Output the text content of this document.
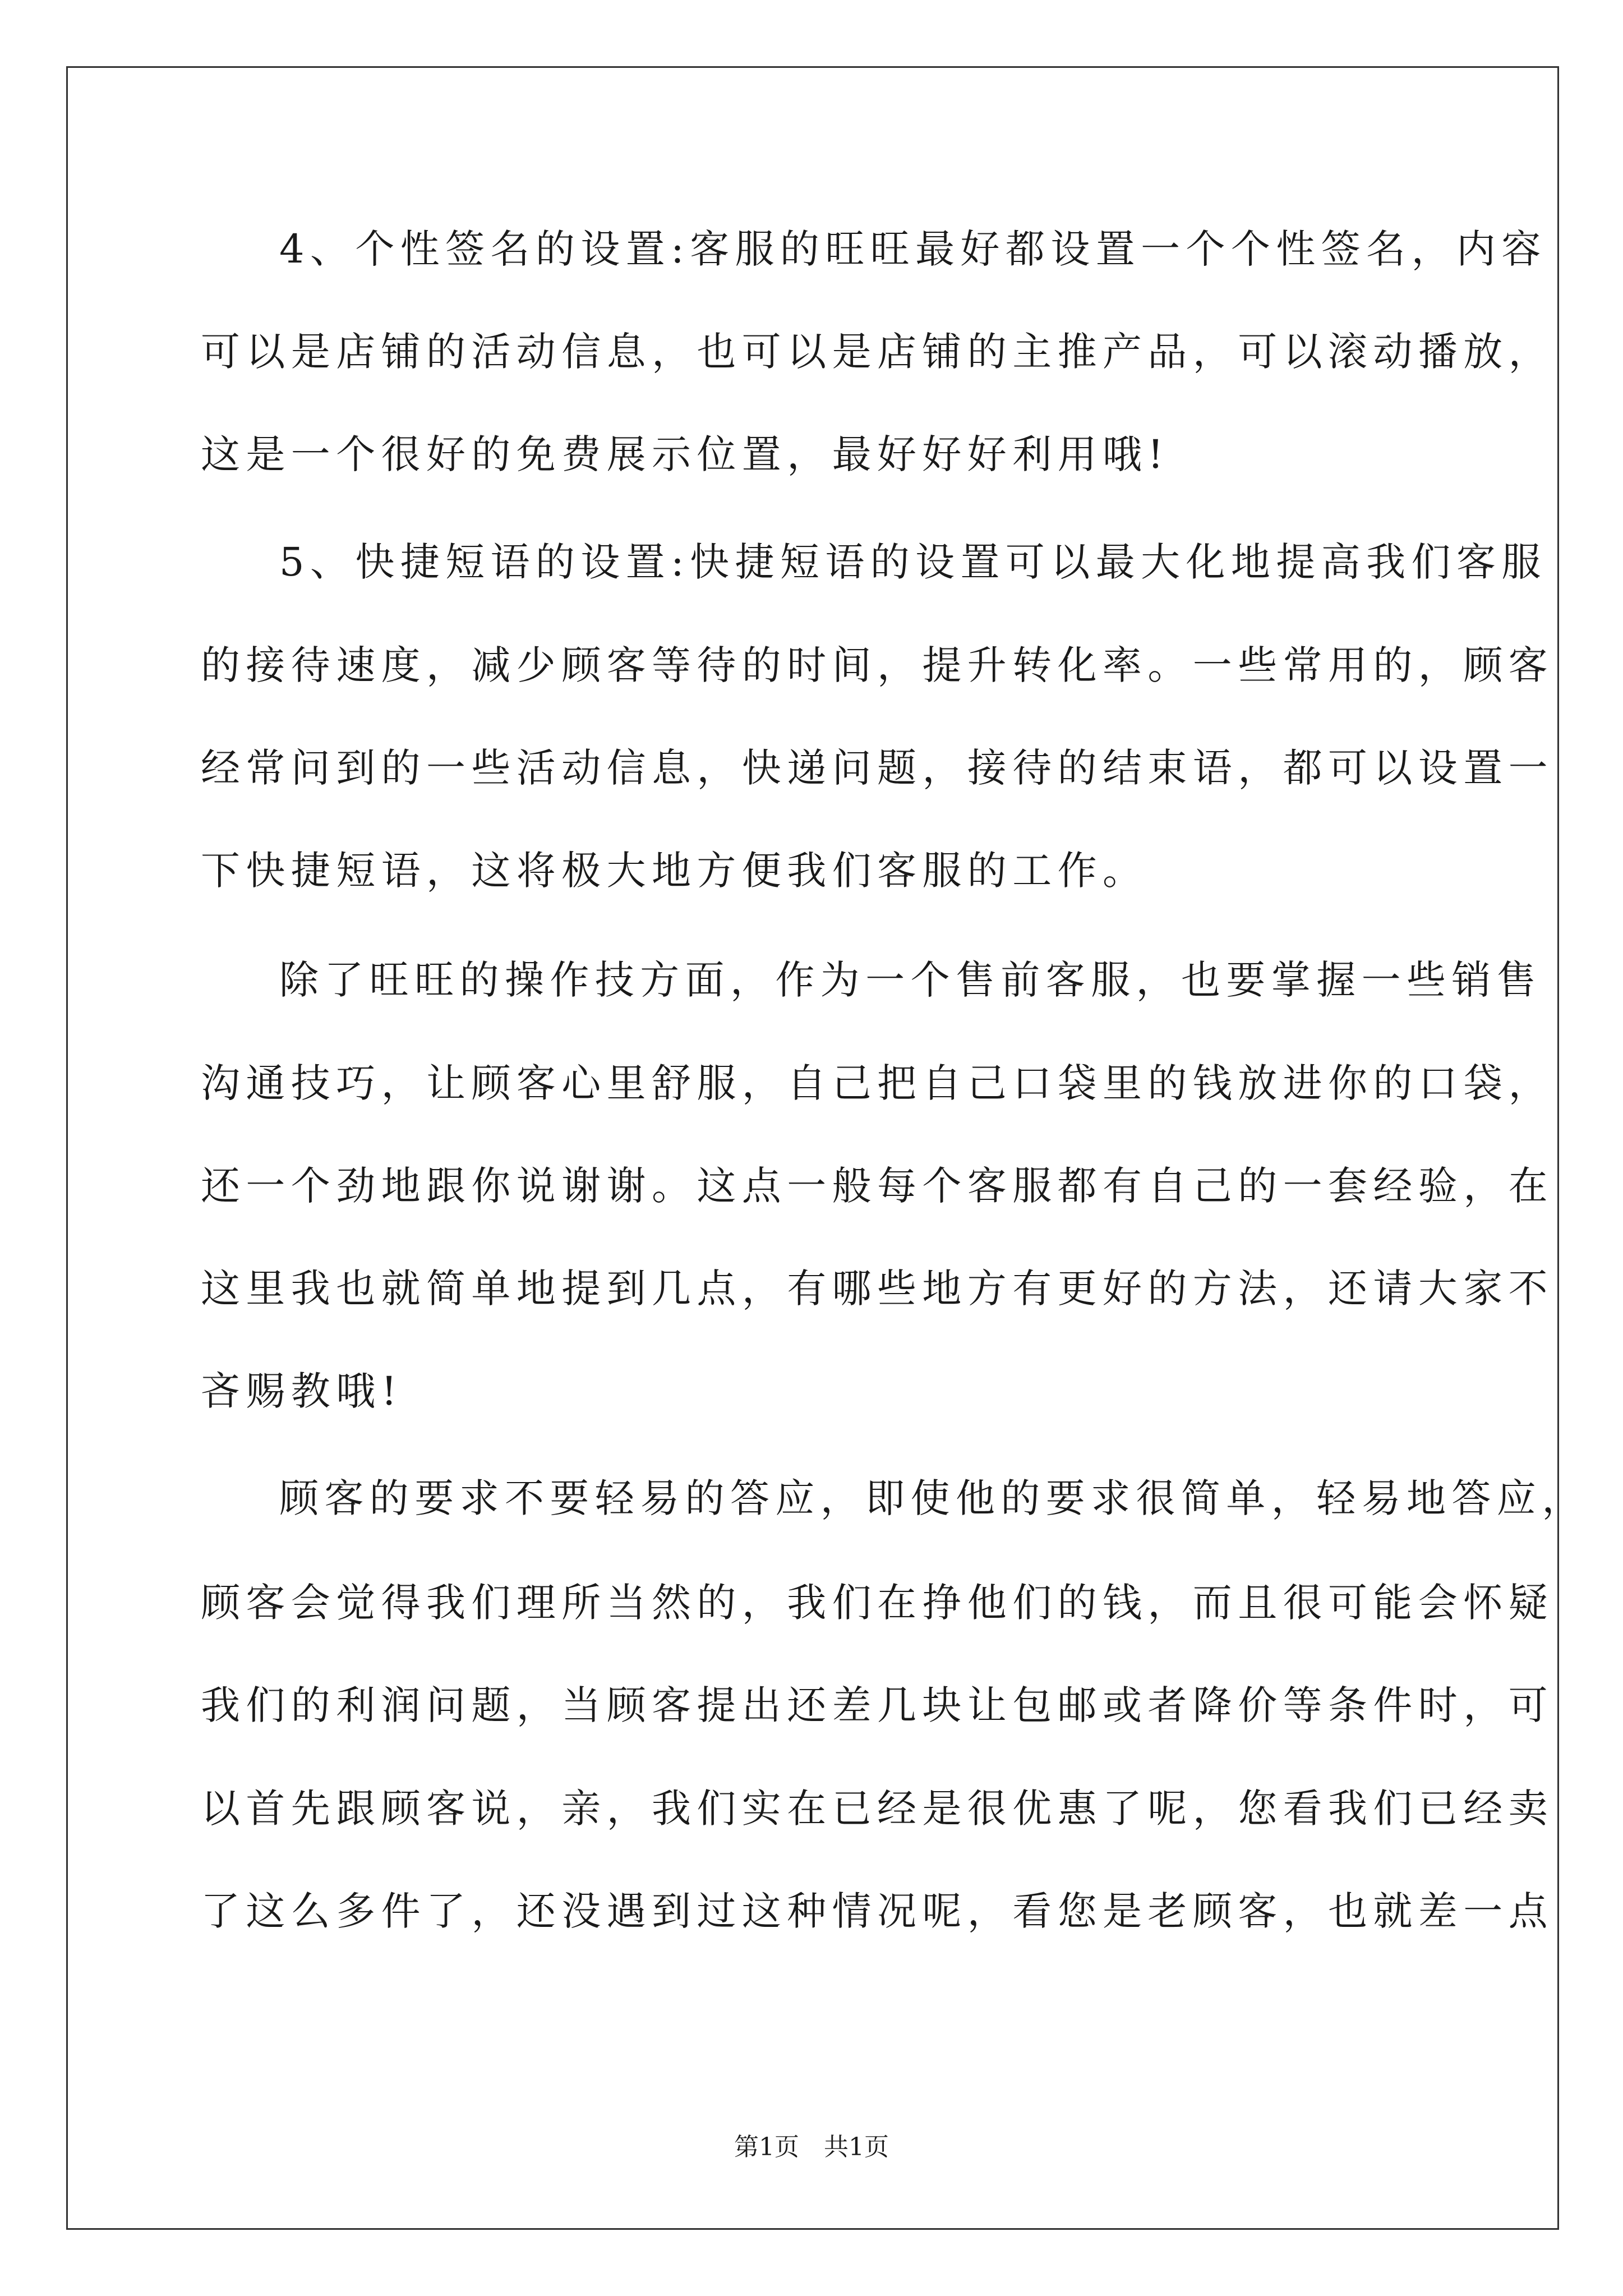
4、个性签名的设置:客服的旺旺最好都设置一个个性签名，内容
可以是店铺的活动信息，也可以是店铺的主推产品，可以滚动播放，
这是一个很好的免费展示位置，最好好好利用哦!
5、快捷短语的设置:快捷短语的设置可以最大化地提高我们客服
的接待速度，减少顾客等待的时间，提升转化率。一些常用的，顾客
经常问到的一些活动信息，快递问题，接待的结束语，都可以设置一
下快捷短语，这将极大地方便我们客服的工作。
除了旺旺的操作技方面，作为一个售前客服，也要掌握一些销售
沟通技巧，让顾客心里舒服，自己把自己口袋里的钱放进你的口袋，
还一个劲地跟你说谢谢。这点一般每个客服都有自己的一套经验，在
这里我也就简单地提到几点，有哪些地方有更好的方法，还请大家不
吝赐教哦!
顾客的要求不要轻易的答应，即使他的要求很简单，轻易地答应，
顾客会觉得我们理所当然的，我们在挣他们的钱，而且很可能会怀疑
我们的利润问题，当顾客提出还差几块让包邮或者降价等条件时，可
以首先跟顾客说，亲，我们实在已经是很优惠了呢，您看我们已经卖
了这么多件了，还没遇到过这种情况呢，看您是老顾客，也就差一点
第1页　共1页
